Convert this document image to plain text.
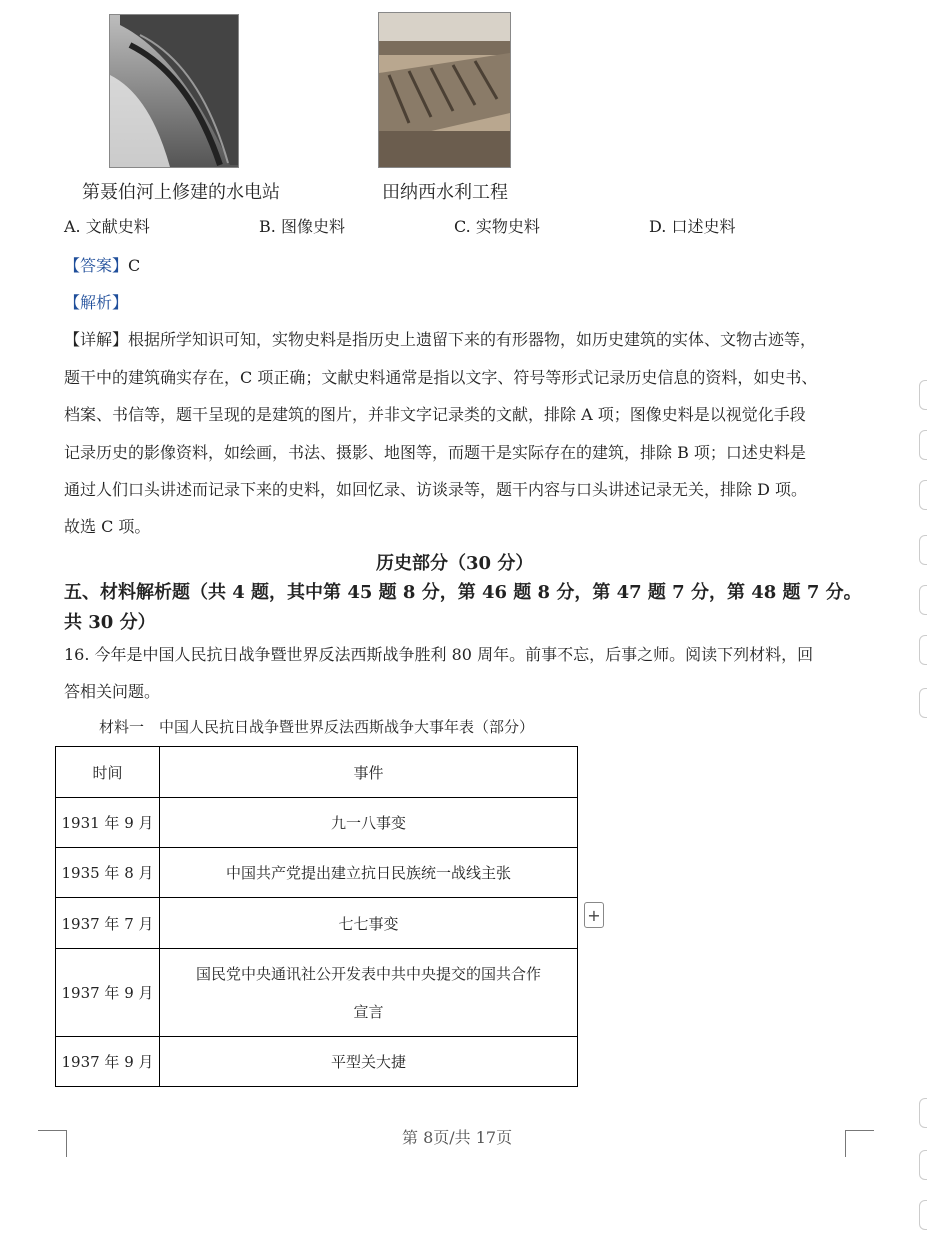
第聂伯河上修建的水电站	田纳西水利工程
A. 文献史料	B. 图像史料	C. 实物史料	D. 口述史料
【答案】C
【解析】
【详解】根据所学知识可知，实物史料是指历史上遗留下来的有形器物，如历史建筑的实体、文物古迹等，
题干中的建筑确实存在，C 项正确；文献史料通常是指以文字、符号等形式记录历史信息的资料，如史书、
档案、书信等，题干呈现的是建筑的图片，并非文字记录类的文献，排除 A 项；图像史料是以视觉化手段
记录历史的影像资料，如绘画，书法、摄影、地图等，而题干是实际存在的建筑，排除 B 项；口述史料是
通过人们口头讲述而记录下来的史料，如回忆录、访谈录等，题干内容与口头讲述记录无关，排除 D 项。
故选 C 项。
历史部分（30 分）
五、材料解析题（共 4 题，其中第 45 题 8 分，第 46 题 8 分，第 47 题 7 分，第 48 题 7 分。
共 30 分）
16. 今年是中国人民抗日战争暨世界反法西斯战争胜利 80 周年。前事不忘，后事之师。阅读下列材料，回
答相关问题。
材料一　中国人民抗日战争暨世界反法西斯战争大事年表（部分）
时间	事件
1931 年 9 月	九一八事变
1935 年 8 月	中国共产党提出建立抗日民族统一战线主张
1937 年 7 月	七七事变
1937 年 9 月	国民党中央通讯社公开发表中共中央提交的国共合作
宣言

1937 年 9 月	平型关大捷
+
第 8页/共 17页
